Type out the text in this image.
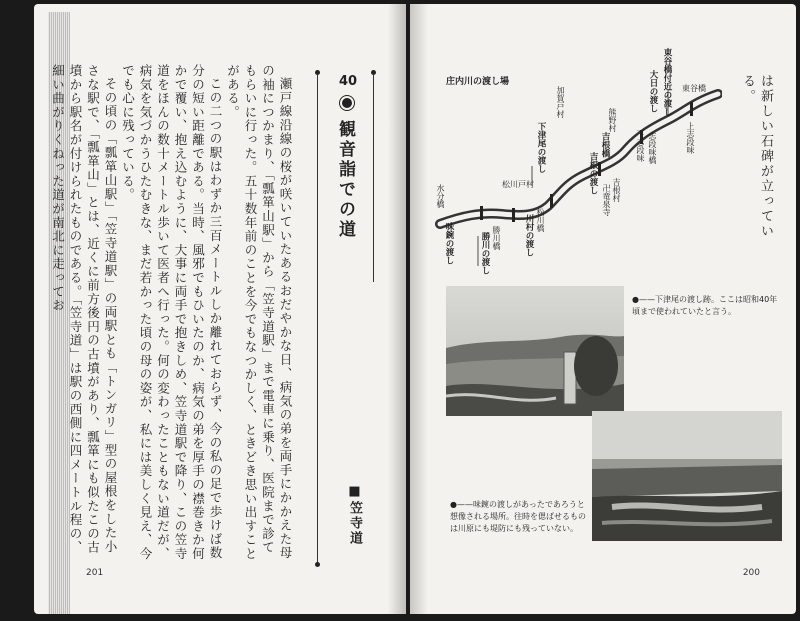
瀬戸線沿線の桜が咲いていたあるおだやかな日、病気の弟を両手にかかえた母の袖につかまり、「瓢箪山駅」から「笠寺道駅」まで電車に乗り、医院まで診てもらいに行った。五十数年前のことを今でもなつかしく、ときどき思い出すことがある。

この二つの駅はわずか三百メートルしか離れておらず、今の私の足で歩けば数分の短い距離である。当時、風邪でもひいたのか、病気の弟を厚手の襟巻きか何かで覆い、抱え込むように、大事に両手で抱きしめ、笠寺道駅で降り、この笠寺道をほんの数十メートル歩いて医者へ行った。何の変わったこともない道だが、病気を気づかうひたむきな、まだ若かった頃の母の姿が、私には美しく見え、今でも心に残っている。

その頃の「瓢箪山駅」「笠寺道駅」の両駅とも「トンガリ」型の屋根をした小さな駅で、「瓢箪山」とは、近くに前方後円の古墳があり、瓢箪にも似たこの古墳から駅名が付けられたものである。「笠寺道」は駅の西側に四メートル程の、細い曲がりくねった道が南北に走ってお	40
観音詣での道
■笠寺道
201
は新しい石碑が立っている。
庄内川の渡し場	東谷橋付近の渡し
大日の渡し	東谷橋
上志段味
志段味橋
下志段味
熊野村
吉根橋
吉根の渡し 吉根村
卍竜泉寺
加賀戸村
下津尾の渡し
松川戸村
松川橋
川村の渡し
勝川橋
勝川の渡し
水分橋
味鋺の渡し
●——下津尾の渡し跡。ここは昭和40年頃まで使われていたと言う。
●——味鋺の渡しがあったであろうと想像される場所。往時を偲ばせるものは川原にも堤防にも残っていない。
200
